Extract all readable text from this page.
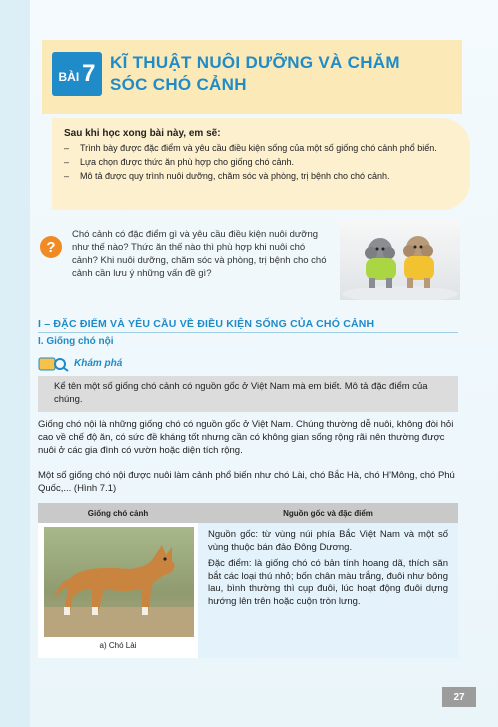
BÀI 7 KĨ THUẬT NUÔI DƯỠNG VÀ CHĂM SÓC CHÓ CẢNH
Sau khi học xong bài này, em sẽ:
–	Trình bày được đặc điểm và yêu cầu điều kiện sống của một số giống chó cảnh phổ biến.
–	Lựa chọn được thức ăn phù hợp cho giống chó cảnh.
–	Mô tả được quy trình nuôi dưỡng, chăm sóc và phòng, trị bệnh cho chó cảnh.
?
Chó cảnh có đặc điểm gì và yêu cầu điều kiện nuôi dưỡng như thế nào? Thức ăn thế nào thì phù hợp khi nuôi chó cảnh? Khi nuôi dưỡng, chăm sóc và phòng, trị bệnh cho chó cảnh cần lưu ý những vấn đề gì?
I – ĐẶC ĐIỂM VÀ YÊU CẦU VỀ ĐIỀU KIỆN SỐNG CỦA CHÓ CẢNH
I. Giống chó nội
Khám phá
Kể tên một số giống chó cảnh có nguồn gốc ở Việt Nam mà em biết. Mô tả đặc điểm của chúng.
Giống chó nội là những giống chó có nguồn gốc ở Việt Nam. Chúng thường dễ nuôi, không đòi hỏi cao về chế độ ăn, có sức đề kháng tốt nhưng cần có không gian sống rộng rãi nên thường được nuôi ở các gia đình có vườn hoặc diện tích rộng.
Một số giống chó nội được nuôi làm cảnh phổ biến như chó Lài, chó Bắc Hà, chó H'Mông, chó Phú Quốc,... (Hình 7.1)
Giống chó cảnh	Nguồn gốc và đặc điểm
a) Chó Lài

Nguồn gốc: từ vùng núi phía Bắc Việt Nam và một số vùng thuộc bán đảo Đông Dương.

Đặc điểm: là giống chó có bản tính hoang dã, thích săn bắt các loại thú nhỏ; bốn chân màu trắng, đuôi như bông lau, bình thường thì cụp đuôi, lúc hoạt động đuôi dựng hướng lên trên hoặc cuộn tròn lưng.

27
